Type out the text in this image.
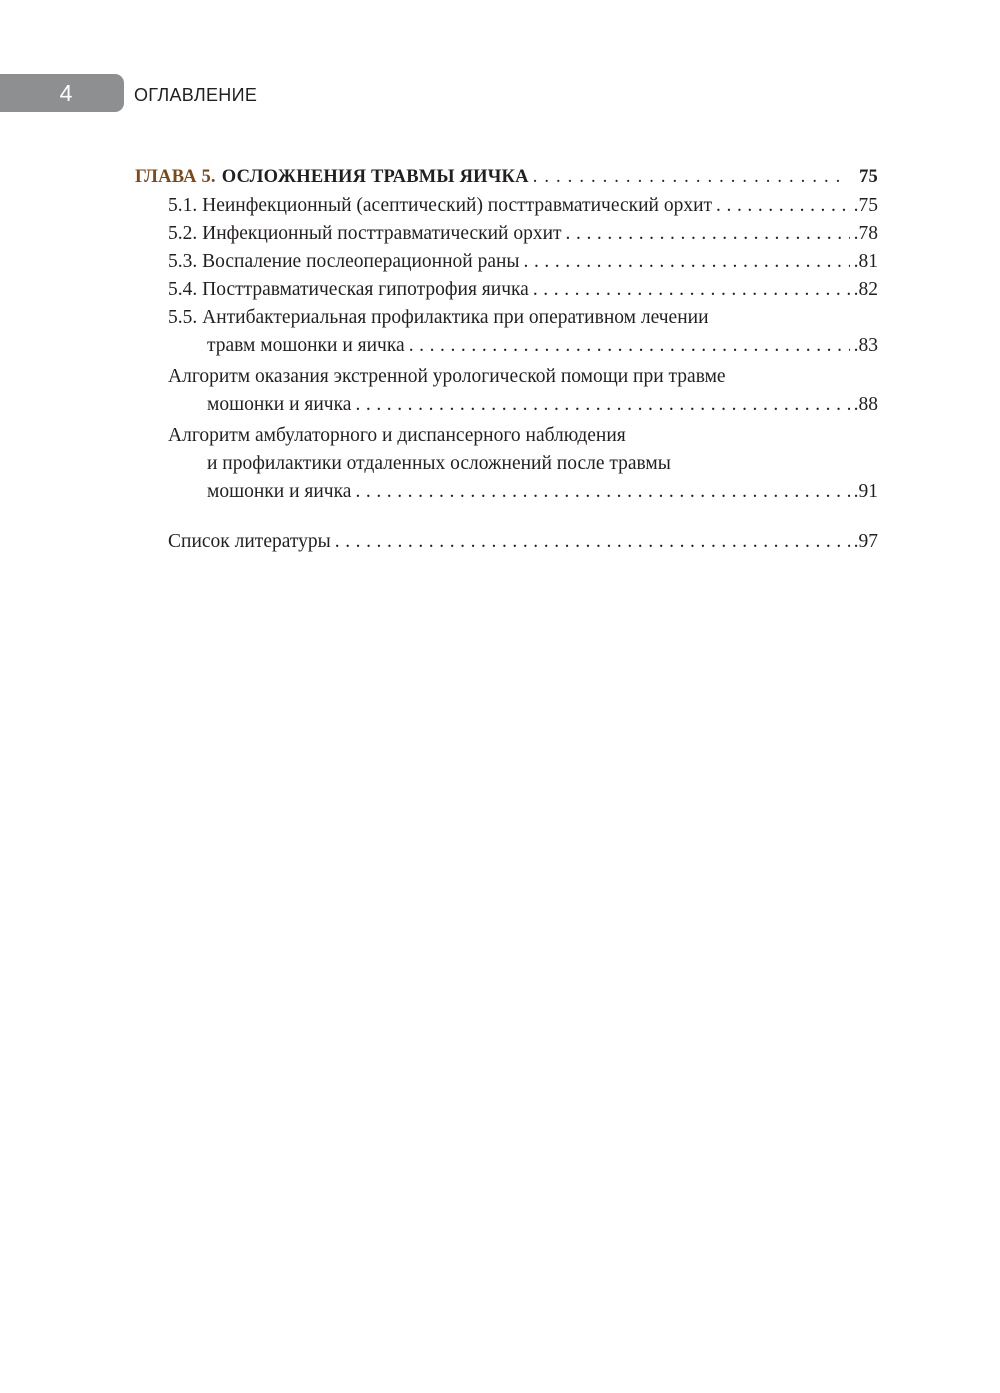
4	ОГЛАВЛЕНИЕ
ГЛАВА 5. ОСЛОЖНЕНИЯ ТРАВМЫ ЯИЧКА . . .	75
5.1. Неинфекционный (асептический) посттравматический орхит . . .	.75
5.2. Инфекционный посттравматический орхит . . .	.78
5.3. Воспаление послеоперационной раны . . .	.81
5.4. Посттравматическая гипотрофия яичка . . .	.82
5.5. Антибактериальная профилактика при оперативном лечении
травм мошонки и яичка . . .	.83
Алгоритм оказания экстренной урологической помощи при травме
мошонки и яичка . . .	.88
Алгоритм амбулаторного и диспансерного наблюдения
и профилактики отдаленных осложнений после травмы
мошонки и яичка . . .	.91
Список литературы . . .	.97
